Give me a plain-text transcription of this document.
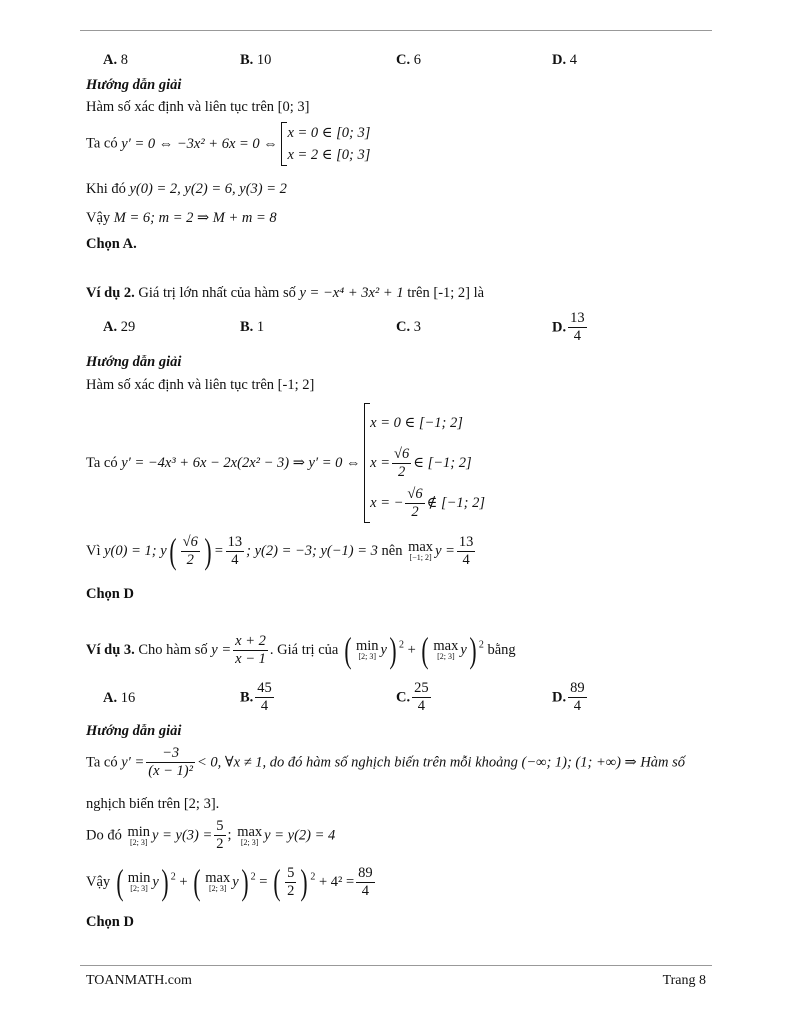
A. 8	B. 10	C. 6	D. 4
Hướng dẫn giải
Hàm số xác định và liên tục trên [0; 3]
Ta có y′ = 0 ⇔ −3x² + 6x = 0 ⇔
x = 0 ∈ [0; 3]
x = 2 ∈ [0; 3]
Khi đó y(0) = 2, y(2) = 6, y(3) = 2
Vậy M = 6; m = 2 ⇒ M + m = 8
Chọn A.
Ví dụ 2. Giá trị lớn nhất của hàm số y = −x⁴ + 3x² + 1 trên [-1; 2] là
A. 29	B. 1	C. 3	D. $\frac{13}{4}$
Hướng dẫn giải
Hàm số xác định và liên tục trên [-1; 2]
Ta có y′ = −4x³ + 6x − 2x(2x² − 3) ⇒ y′ = 0 ⇔
x = 0 ∈ [−1; 2]
$x = \frac{√6}{2}$ ∈ [−1; 2]
x = − $\frac{√6}{2}$ ∉ [−1; 2]
Vì y(0) = 1; $y( \frac{√6}{2}$ ) = $\frac{13}{4}$ ; y(2) = −3; y(−1) = 3 nên max
[−1; 2] $y = \frac{13}{4}$
Chọn D
Ví dụ 3. Cho hàm số $y = \frac{x + 2}{x - 1}$ . Giá trị của ( min
[2; 3] y) $^2$ + ( max
[2; 3] y) $^2$ bằng
A. 16	B. $\frac{45}{4}$	C. $\frac{25}{4}$	D. $\frac{89}{4}$
Hướng dẫn giải
Ta có $y' = \frac{-3}{\text{(x − 1)²}} < 0$, ∀x ≠ 1, do đó hàm số nghịch biến trên mỗi khoảng (−∞; 1); (1; +∞) ⇒ Hàm số
nghịch biến trên [2; 3].
Do đó min
[2; 3] $y = y(3) = \frac{5}{2}$ ; max
[2; 3] y = y(2) = 4
Vậy ( min
[2; 3] y) $^2$ + ( max
[2; 3] y) $^2$ = ( $\frac{5}{2}$ ) $^2 + 4^2 = \frac{89}{4}$
Chọn D
TOANMATH.com	Trang 8
